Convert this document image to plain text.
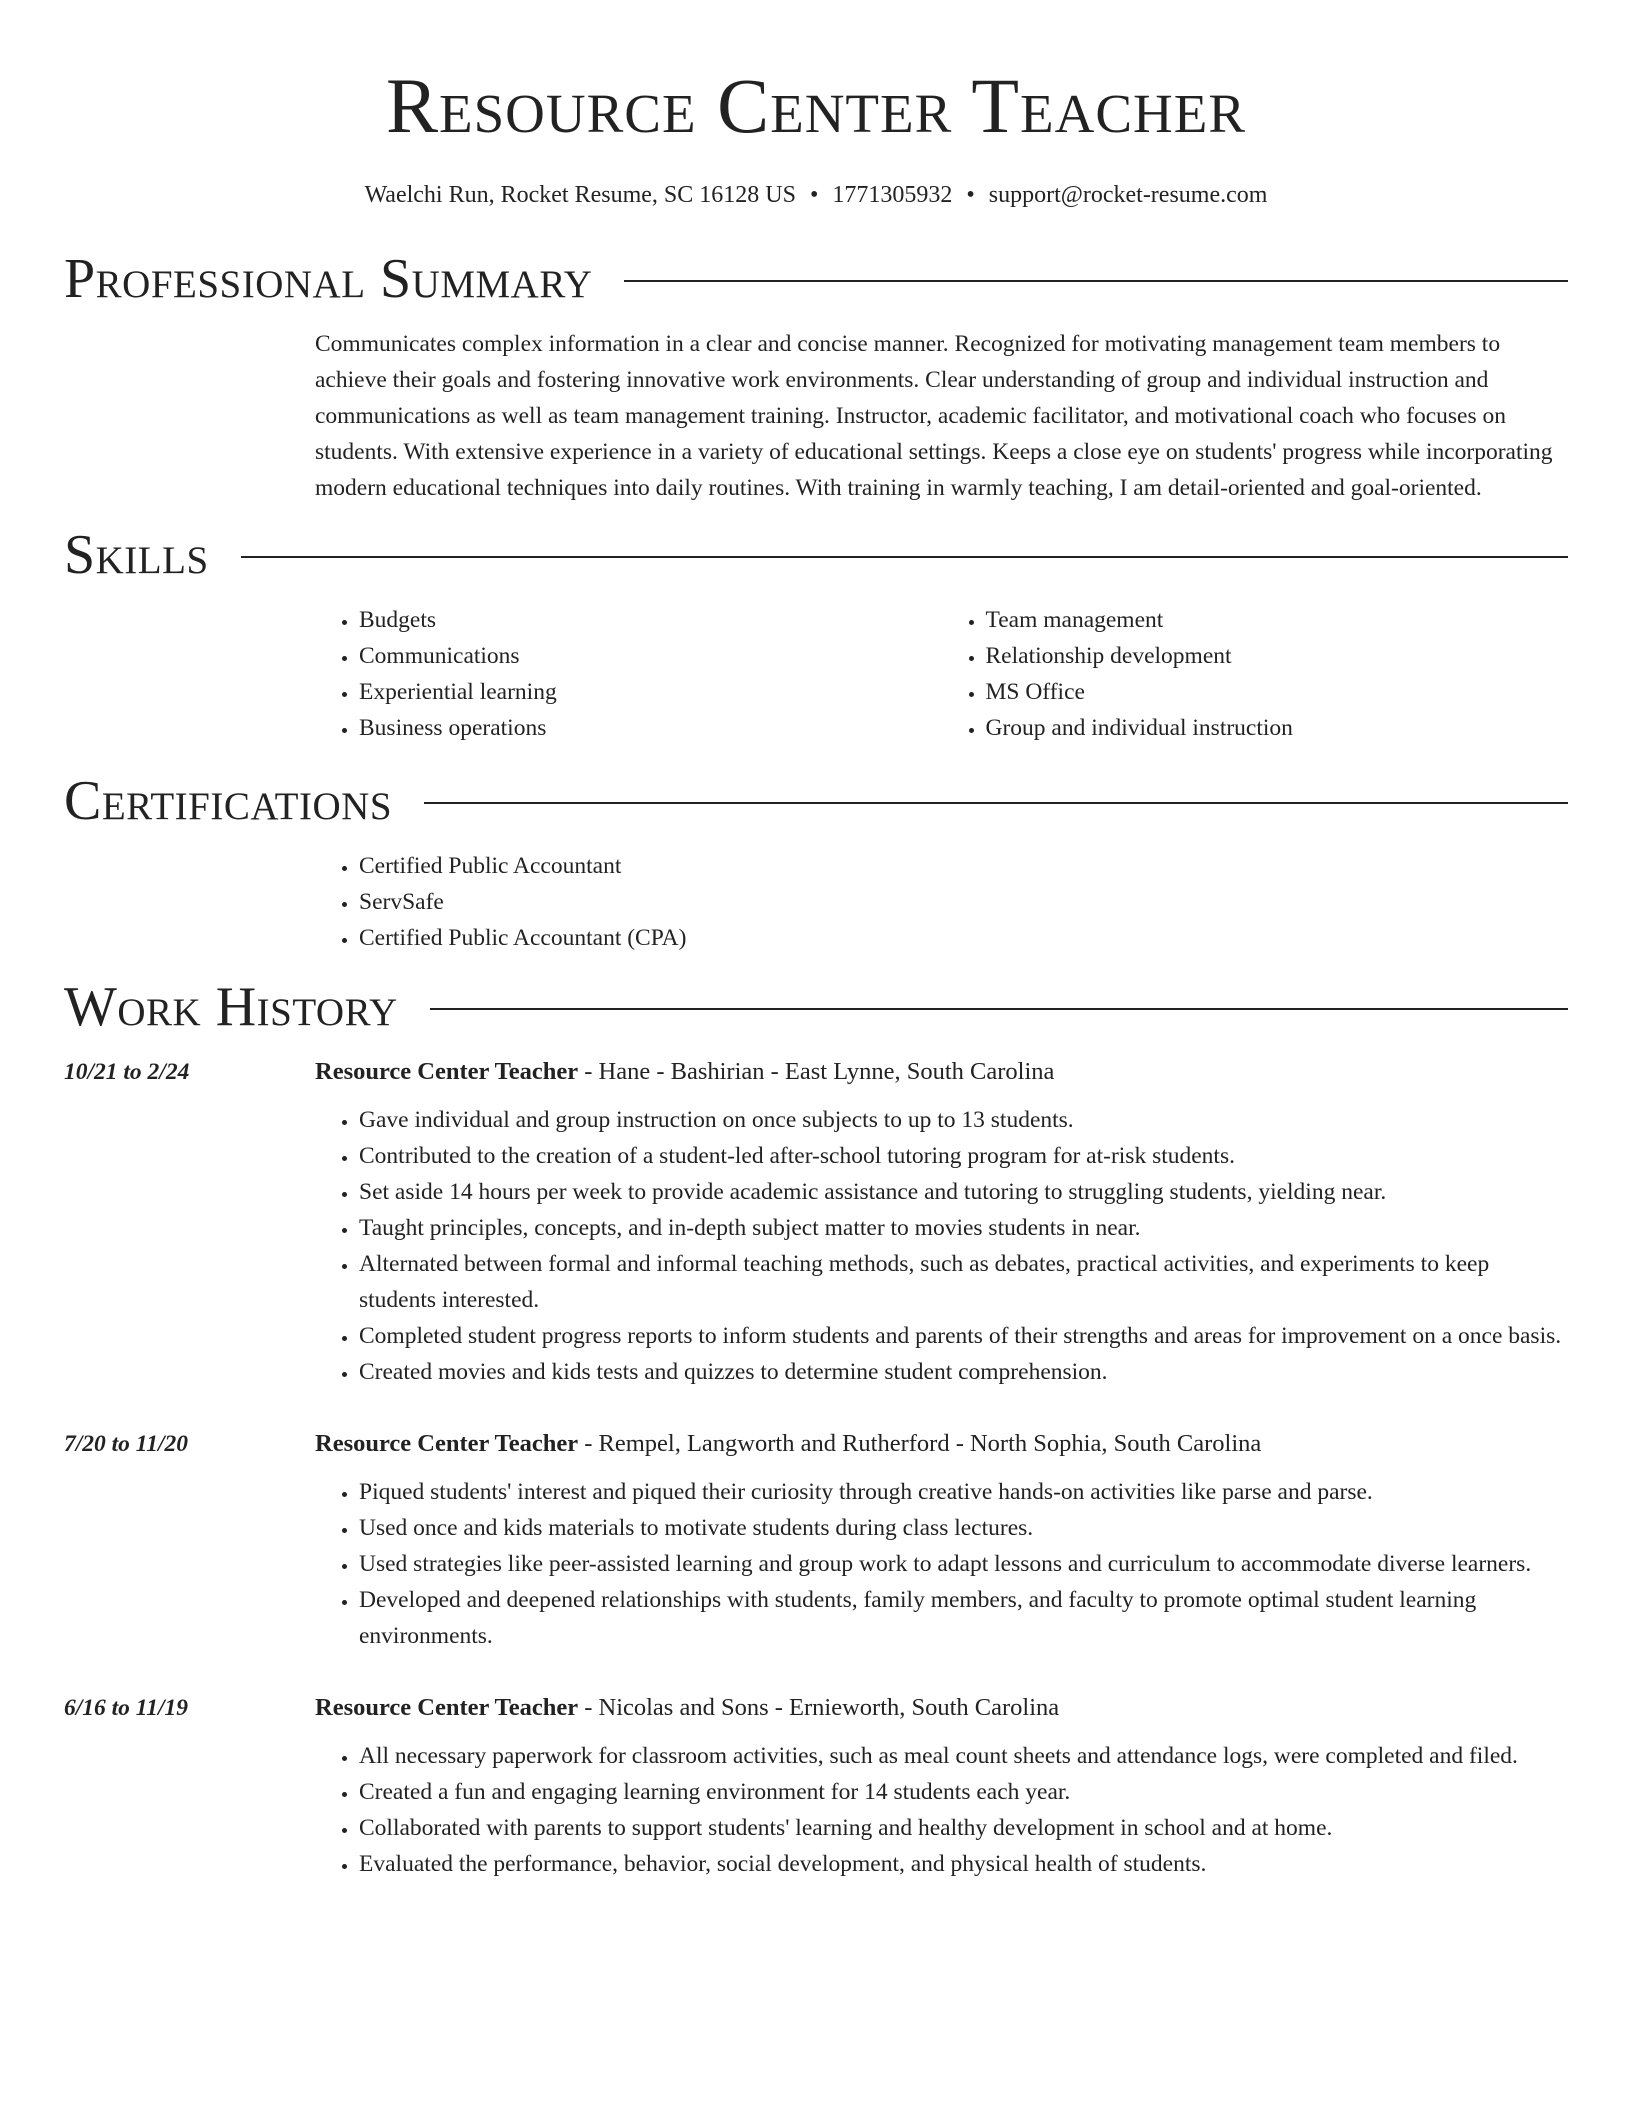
Resource Center Teacher
Waelchi Run, Rocket Resume, SC 16128 US • 1771305932 • support@rocket-resume.com
Professional Summary
Communicates complex information in a clear and concise manner. Recognized for motivating management team members to achieve their goals and fostering innovative work environments. Clear understanding of group and individual instruction and communications as well as team management training. Instructor, academic facilitator, and motivational coach who focuses on students. With extensive experience in a variety of educational settings. Keeps a close eye on students' progress while incorporating modern educational techniques into daily routines. With training in warmly teaching, I am detail-oriented and goal-oriented.
Skills
• Budgets
• Communications
• Experiential learning
• Business operations
• Team management
• Relationship development
• MS Office
• Group and individual instruction
Certifications
• Certified Public Accountant
• ServSafe
• Certified Public Accountant (CPA)
Work History
10/21 to 2/24	Resource Center Teacher - Hane - Bashirian - East Lynne, South Carolina
• Gave individual and group instruction on once subjects to up to 13 students.
• Contributed to the creation of a student-led after-school tutoring program for at-risk students.
• Set aside 14 hours per week to provide academic assistance and tutoring to struggling students, yielding near.
• Taught principles, concepts, and in-depth subject matter to movies students in near.
• Alternated between formal and informal teaching methods, such as debates, practical activities, and experiments to keep students interested.
• Completed student progress reports to inform students and parents of their strengths and areas for improvement on a once basis.
• Created movies and kids tests and quizzes to determine student comprehension.
7/20 to 11/20	Resource Center Teacher - Rempel, Langworth and Rutherford - North Sophia, South Carolina
• Piqued students' interest and piqued their curiosity through creative hands-on activities like parse and parse.
• Used once and kids materials to motivate students during class lectures.
• Used strategies like peer-assisted learning and group work to adapt lessons and curriculum to accommodate diverse learners.
• Developed and deepened relationships with students, family members, and faculty to promote optimal student learning environments.
6/16 to 11/19	Resource Center Teacher - Nicolas and Sons - Ernieworth, South Carolina
• All necessary paperwork for classroom activities, such as meal count sheets and attendance logs, were completed and filed.
• Created a fun and engaging learning environment for 14 students each year.
• Collaborated with parents to support students' learning and healthy development in school and at home.
• Evaluated the performance, behavior, social development, and physical health of students.
